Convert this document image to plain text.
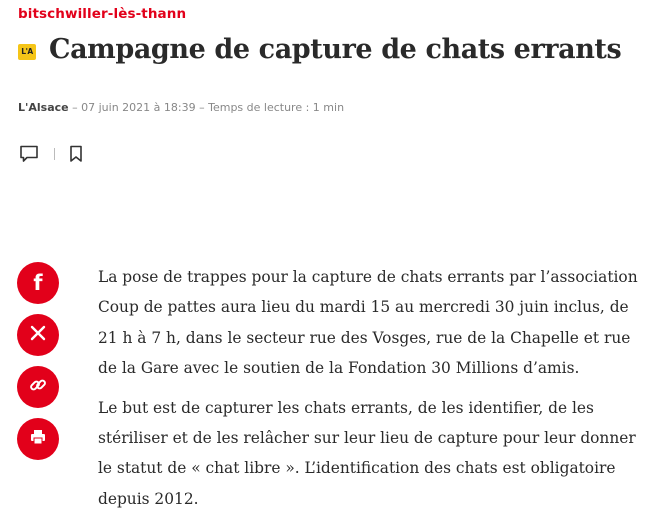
bitschwiller-lès-thann
L'A Campagne de capture de chats errants
L'Alsace – 07 juin 2021 à 18:39 – Temps de lecture : 1 min
f	La pose de trappes pour la capture de chats errants par l’association Coup de pattes aura lieu du mardi 15 au mercredi 30 juin inclus, de 21 h à 7 h, dans le secteur rue des Vosges, rue de la Chapelle et rue de la Gare avec le soutien de la Fondation 30 Millions d’amis.

Le but est de capturer les chats errants, de les identifier, de les stériliser et de les relâcher sur leur lieu de capture pour leur donner le statut de « chat libre ». L’identification des chats est obligatoire depuis 2012.
